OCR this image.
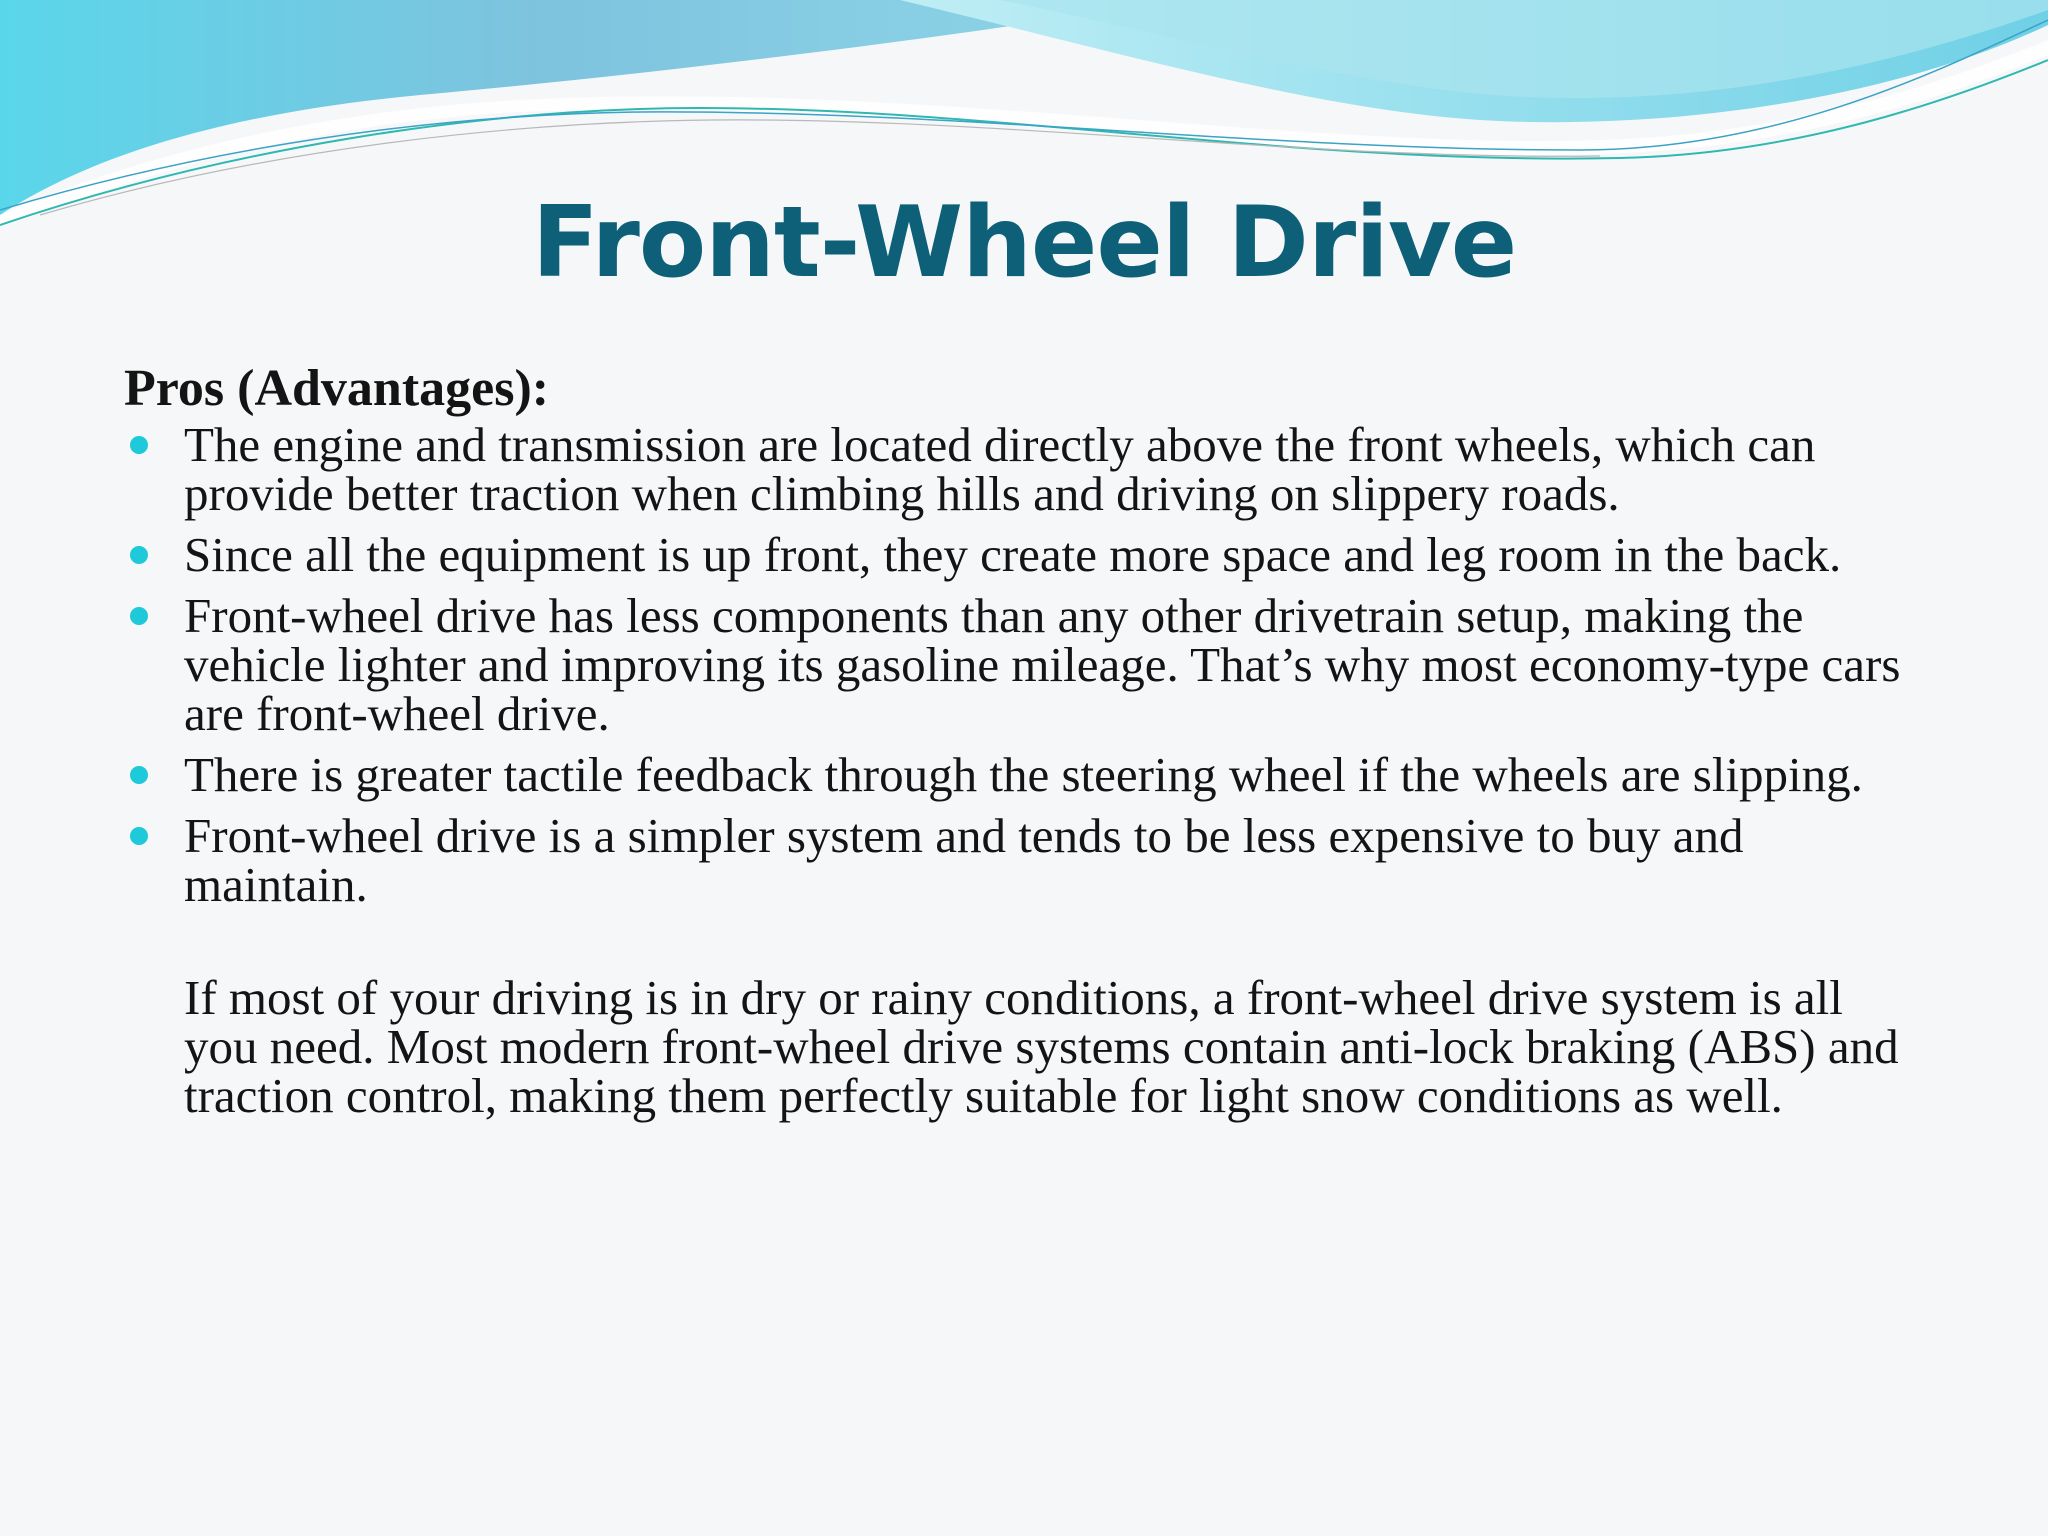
Front-Wheel Drive
Pros (Advantages):
The engine and transmission are located directly above the front wheels, which can provide better traction when climbing hills and driving on slippery roads.
Since all the equipment is up front, they create more space and leg room in the back.
Front-wheel drive has less components than any other drivetrain setup, making the vehicle lighter and improving its gasoline mileage. That’s why most economy-type cars are front-wheel drive.
There is greater tactile feedback through the steering wheel if the wheels are slipping.
Front-wheel drive is a simpler system and tends to be less expensive to buy and maintain.

If most of your driving is in dry or rainy conditions, a front-wheel drive system is all you need. Most modern front-wheel drive systems contain anti-lock braking (ABS) and traction control, making them perfectly suitable for light snow conditions as well.
